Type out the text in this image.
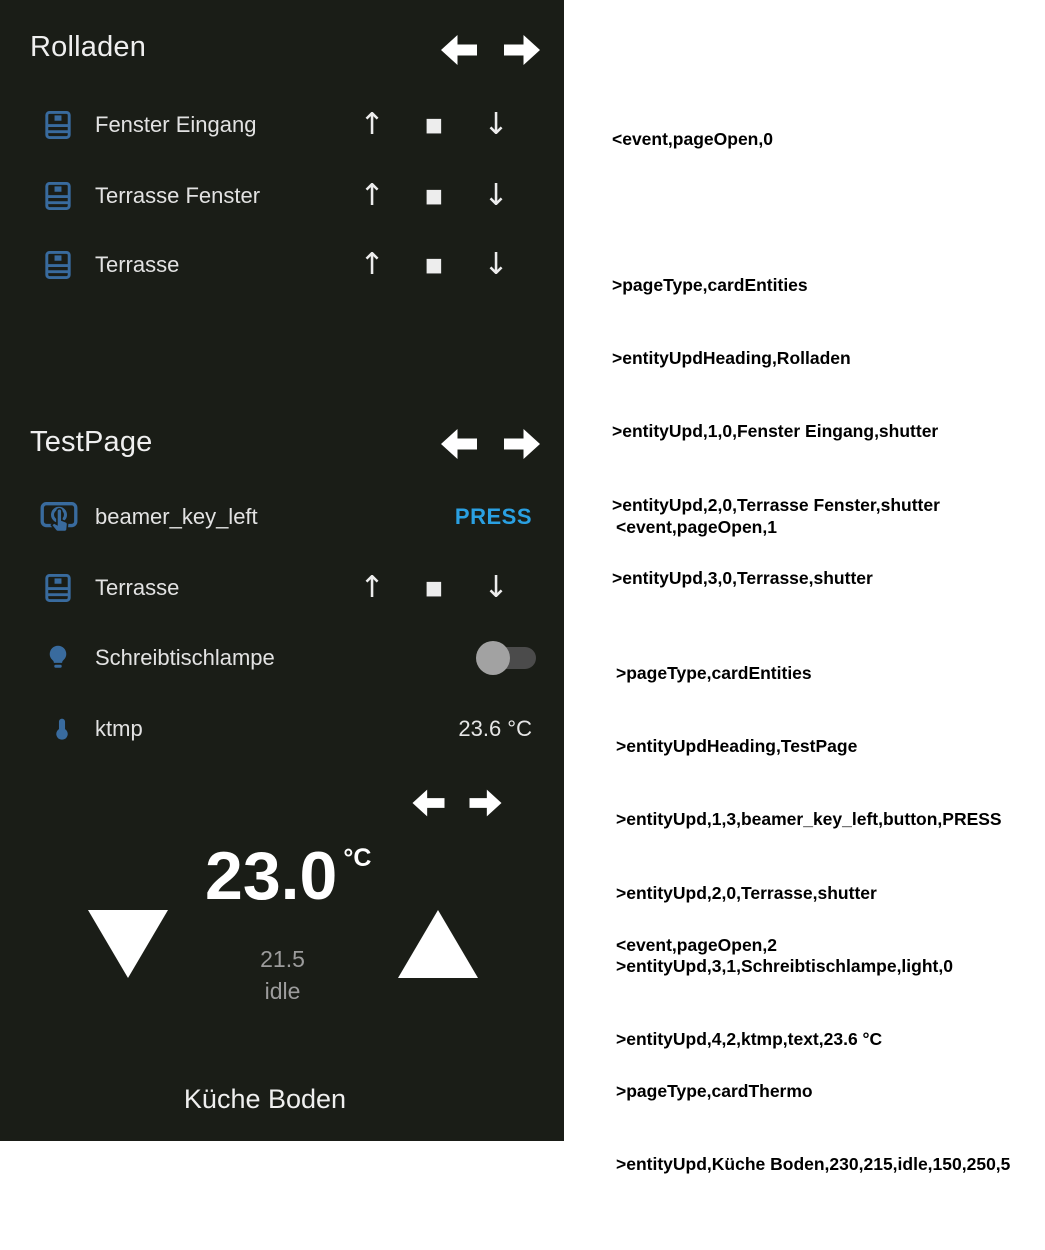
Rolladen
Fenster Eingang	↑	■	↓
Terrasse Fenster	↑	■	↓
Terrasse	↑	■	↓
TestPage
beamer_key_left	PRESS
Terrasse	↑	■	↓
Schreibtischlampe
ktmp	23.6 °C
23.0 °C
21.5
idle
Küche Boden

<event,pageOpen,0

>pageType,cardEntities

>entityUpdHeading,Rolladen

>entityUpd,1,0,Fenster Eingang,shutter

>entityUpd,2,0,Terrasse Fenster,shutter

>entityUpd,3,0,Terrasse,shutter

<event,pageOpen,1

>pageType,cardEntities

>entityUpdHeading,TestPage

>entityUpd,1,3,beamer_key_left,button,PRESS

>entityUpd,2,0,Terrasse,shutter

>entityUpd,3,1,Schreibtischlampe,light,0

>entityUpd,4,2,ktmp,text,23.6 °C

<event,pageOpen,2

>pageType,cardThermo

>entityUpd,Küche Boden,230,215,idle,150,250,5
